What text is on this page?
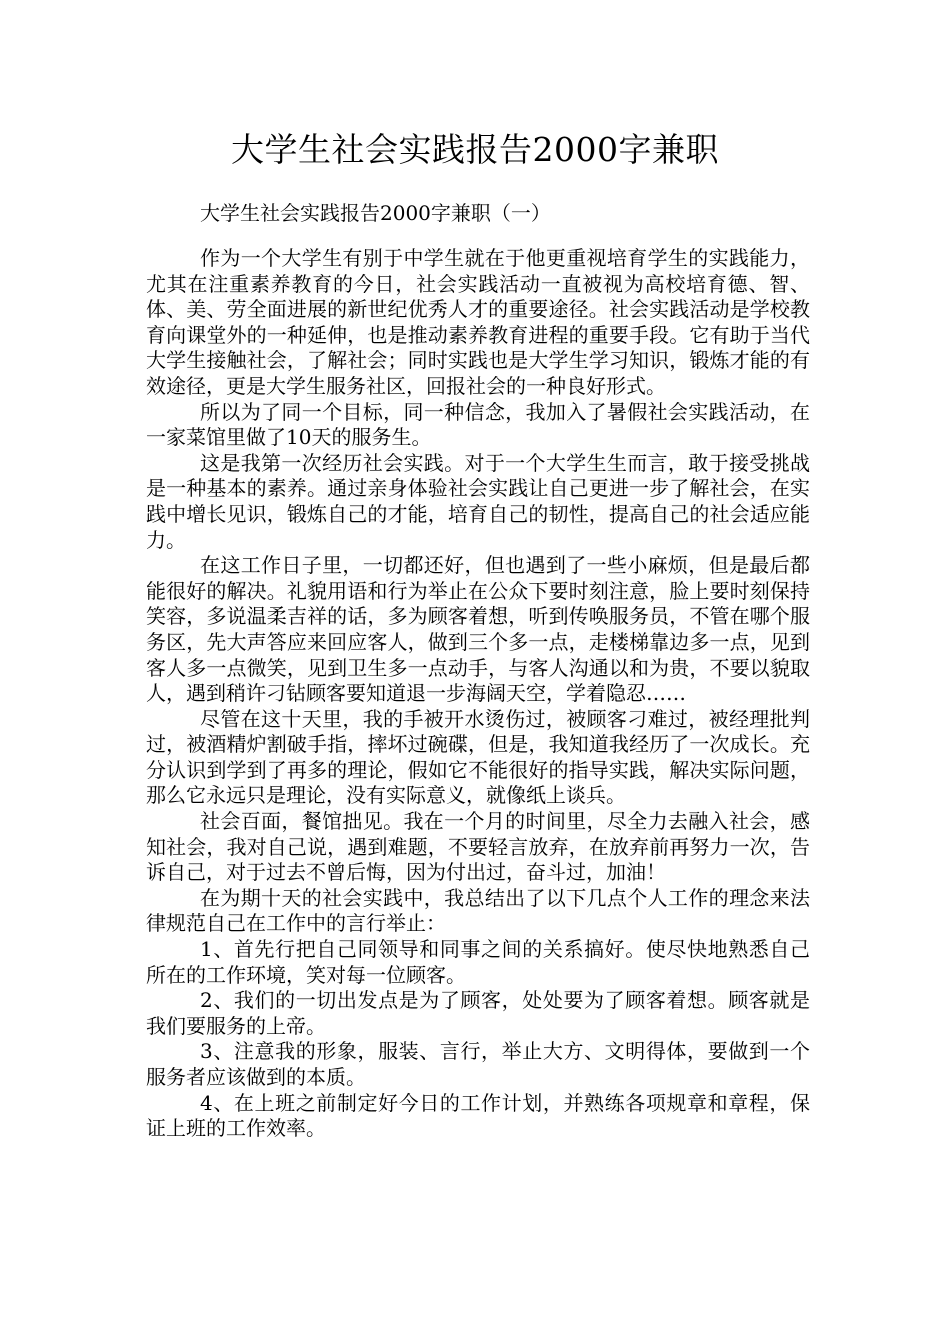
大学生社会实践报告2000字兼职
大学生社会实践报告2000字兼职（一）

作为一个大学生有别于中学生就在于他更重视培育学生的实践能力，尤其在注重素养教育的今日，社会实践活动一直被视为高校培育德、智、体、美、劳全面进展的新世纪优秀人才的重要途径。社会实践活动是学校教育向课堂外的一种延伸，也是推动素养教育进程的重要手段。它有助于当代大学生接触社会，了解社会；同时实践也是大学生学习知识，锻炼才能的有效途径，更是大学生服务社区，回报社会的一种良好形式。

所以为了同一个目标，同一种信念，我加入了暑假社会实践活动，在一家菜馆里做了10天的服务生。

这是我第一次经历社会实践。对于一个大学生生而言，敢于接受挑战是一种基本的素养。通过亲身体验社会实践让自己更进一步了解社会，在实践中增长见识，锻炼自己的才能，培育自己的韧性，提高自己的社会适应能力。

在这工作日子里，一切都还好，但也遇到了一些小麻烦，但是最后都能很好的解决。礼貌用语和行为举止在公众下要时刻注意，脸上要时刻保持笑容，多说温柔吉祥的话，多为顾客着想，听到传唤服务员，不管在哪个服务区，先大声答应来回应客人，做到三个多一点，走楼梯靠边多一点，见到客人多一点微笑，见到卫生多一点动手，与客人沟通以和为贵，不要以貌取人，遇到稍许刁钻顾客要知道退一步海阔天空，学着隐忍……

尽管在这十天里，我的手被开水烫伤过，被顾客刁难过，被经理批判过，被酒精炉割破手指，摔坏过碗碟，但是，我知道我经历了一次成长。充分认识到学到了再多的理论，假如它不能很好的指导实践，解决实际问题，那么它永远只是理论，没有实际意义，就像纸上谈兵。

社会百面，餐馆拙见。我在一个月的时间里，尽全力去融入社会，感知社会，我对自己说，遇到难题，不要轻言放弃，在放弃前再努力一次，告诉自己，对于过去不曾后悔，因为付出过，奋斗过，加油！

在为期十天的社会实践中，我总结出了以下几点个人工作的理念来法律规范自己在工作中的言行举止：

1、首先行把自己同领导和同事之间的关系搞好。使尽快地熟悉自己所在的工作环境，笑对每一位顾客。

2、我们的一切出发点是为了顾客，处处要为了顾客着想。顾客就是我们要服务的上帝。

3、注意我的形象，服装、言行，举止大方、文明得体，要做到一个服务者应该做到的本质。

4、在上班之前制定好今日的工作计划，并熟练各项规章和章程，保证上班的工作效率。
